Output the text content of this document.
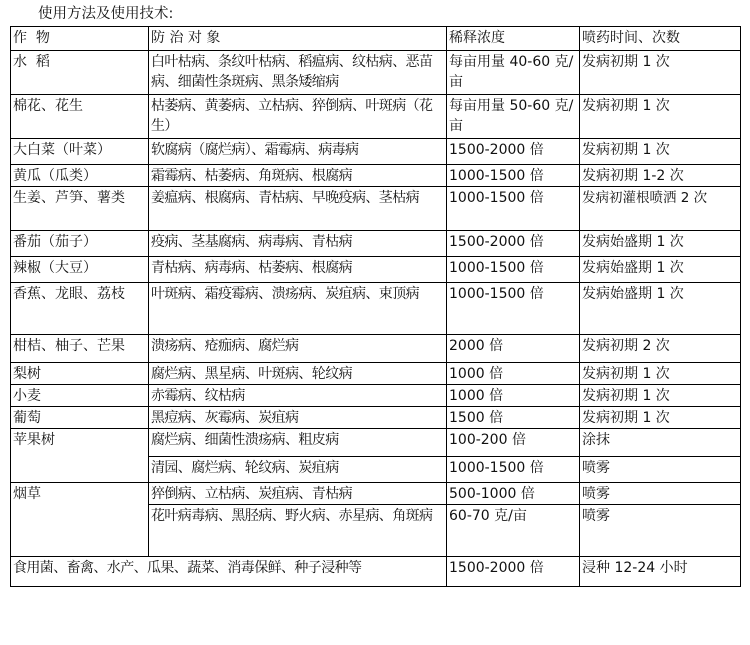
使用方法及使用技术:
作  物	防 治 对 象	稀释浓度	喷药时间、次数
水  稻	白叶枯病、条纹叶枯病、稻瘟病、纹枯病、恶苗病、细菌性条斑病、黑条矮缩病	每亩用量 40-60 克/亩	发病初期 1 次
棉花、花生	枯萎病、黄萎病、立枯病、猝倒病、叶斑病（花生）	每亩用量 50-60 克/亩	发病初期 1 次
大白菜（叶菜）	软腐病（腐烂病）、霜霉病、病毒病	1500-2000 倍	发病初期 1 次
黄瓜（瓜类）	霜霉病、枯萎病、角斑病、根腐病	1000-1500 倍	发病初期 1-2 次
生姜、芦笋、薯类	姜瘟病、根腐病、青枯病、早晚疫病、茎枯病	1000-1500 倍	发病初灌根喷洒 2 次
番茄（茄子）	疫病、茎基腐病、病毒病、青枯病	1500-2000 倍	发病始盛期 1 次
辣椒（大豆）	青枯病、病毒病、枯萎病、根腐病	1000-1500 倍	发病始盛期 1 次
香蕉、龙眼、荔枝	叶斑病、霜疫霉病、溃疡病、炭疽病、束顶病	1000-1500 倍	发病始盛期 1 次
柑桔、柚子、芒果	溃疡病、疮痂病、腐烂病	2000 倍	发病初期 2 次
梨树	腐烂病、黑星病、叶斑病、轮纹病	1000 倍	发病初期 1 次
小麦	赤霉病、纹枯病	1000 倍	发病初期 1 次
葡萄	黑痘病、灰霉病、炭疽病	1500 倍	发病初期 1 次
苹果树	腐烂病、细菌性溃疡病、粗皮病	100-200 倍	涂抹
	清园、腐烂病、轮纹病、炭疽病	1000-1500 倍	喷雾
烟草	猝倒病、立枯病、炭疽病、青枯病	500-1000 倍	喷雾
	花叶病毒病、黑胫病、野火病、赤星病、角斑病	60-70 克/亩	喷雾
食用菌、畜禽、水产、瓜果、蔬菜、消毒保鲜、种子浸种等		1500-2000 倍	浸种 12-24 小时
